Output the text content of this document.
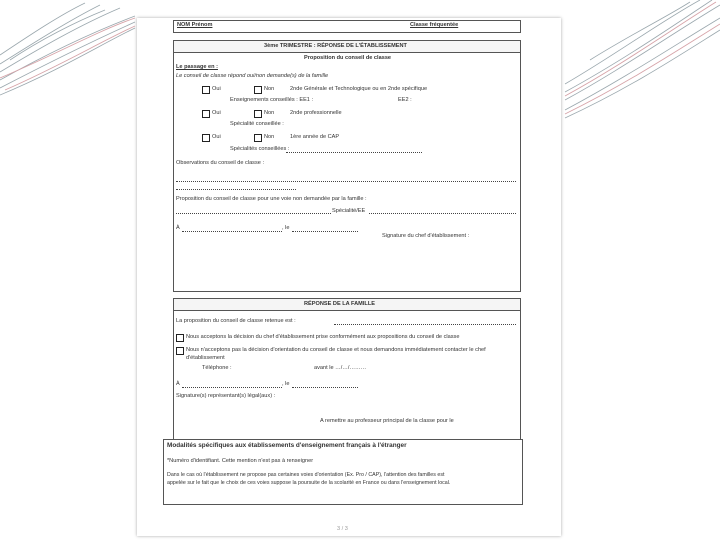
NOM Prénom	Classe fréquentée
3ème TRIMESTRE : RÉPONSE DE L'ÉTABLISSEMENT
Proposition du conseil de classe
Le passage en :
Le conseil de classe répond oui/non demande(s) de la famille
Oui	Non	2nde Générale et Technologique ou en 2nde spécifique
Enseignements conseillés : EE1 :	EE2 :
Oui	Non	2nde professionnelle
Spécialité conseillée :
Oui	Non	1ère année de CAP
Spécialités conseillées :
Observations du conseil de classe :
Proposition du conseil de classe pour une voie non demandée par la famille :
Spécialité/EE
À	, le
Signature du chef d'établissement :
RÉPONSE DE LA FAMILLE
La proposition du conseil de classe retenue est :
Nous acceptons la décision du chef d'établissement prise conformément aux propositions du conseil de classe
Nous n'acceptons pas la décision d'orientation du conseil de classe et nous demandons immédiatement contacter le chef
d'établissement
Téléphone :	avant le …/…/………
À	, le
Signature(s) représentant(s) légal(aux) :
A remettre au professeur principal de la classe pour le
Modalités spécifiques aux établissements d'enseignement français à l'étranger
*Numéro d'identifiant. Cette mention n'est pas à renseigner
Dans le cas où l'établissement ne propose pas certaines voies d'orientation (Ex. Pro / CAP), l'attention des familles est
appelée sur le fait que le choix de ces voies suppose la poursuite de la scolarité en France ou dans l'enseignement local.
3 / 3
